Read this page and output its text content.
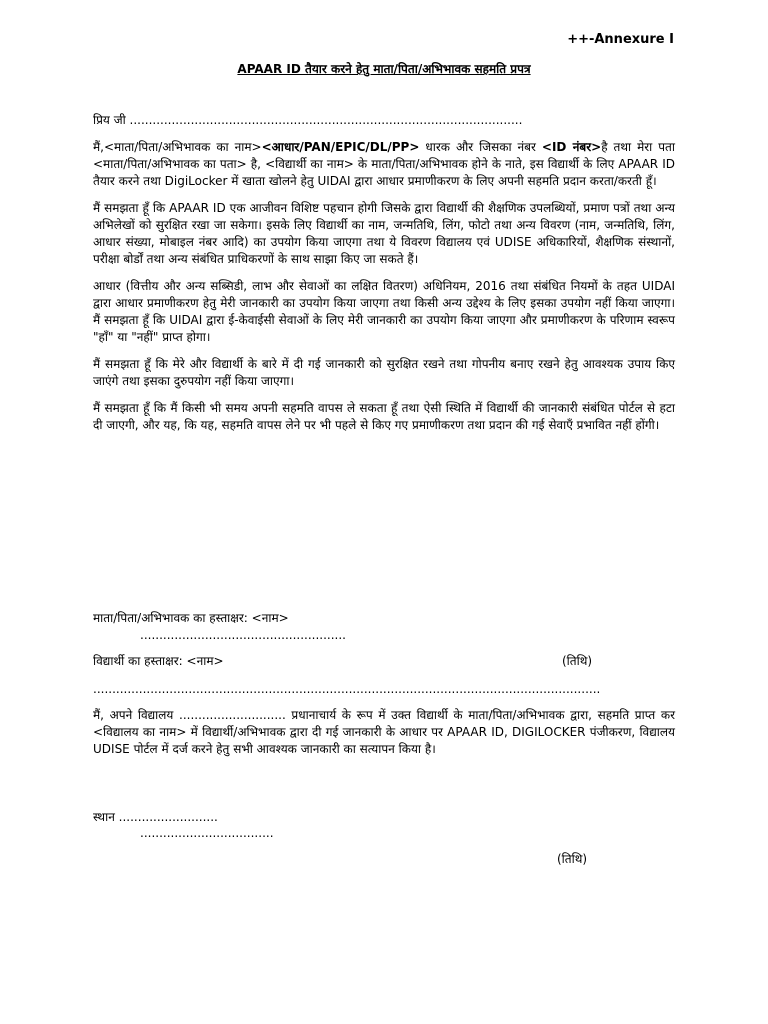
++-Annexure I
APAAR ID तैयार करने हेतु माता/पिता/अभिभावक सहमति प्रपत्र

प्रिय जी .......................................................................................................

मैं,<माता/पिता/अभिभावक का नाम><आधार/PAN/EPIC/DL/PP> धारक और जिसका नंबर <ID नंबर>है तथा मेरा पता <माता/पिता/अभिभावक का पता> है, <विद्यार्थी का नाम> के माता/पिता/अभिभावक होने के नाते, इस विद्यार्थी के लिए APAAR ID तैयार करने तथा DigiLocker में खाता खोलने हेतु UIDAI द्वारा आधार प्रमाणीकरण के लिए अपनी सहमति प्रदान करता/करती हूँ।

मैं समझता हूँ कि APAAR ID एक आजीवन विशिष्ट पहचान होगी जिसके द्वारा विद्यार्थी की शैक्षणिक उपलब्धियों, प्रमाण पत्रों तथा अन्य अभिलेखों को सुरक्षित रखा जा सकेगा। इसके लिए विद्यार्थी का नाम, जन्मतिथि, लिंग, फोटो तथा अन्य विवरण (नाम, जन्मतिथि, लिंग, आधार संख्या, मोबाइल नंबर आदि) का उपयोग किया जाएगा तथा ये विवरण विद्यालय एवं UDISE अधिकारियों, शैक्षणिक संस्थानों, परीक्षा बोर्डों तथा अन्य संबंधित प्राधिकरणों के साथ साझा किए जा सकते हैं।

आधार (वित्तीय और अन्य सब्सिडी, लाभ और सेवाओं का लक्षित वितरण) अधिनियम, 2016 तथा संबंधित नियमों के तहत UIDAI द्वारा आधार प्रमाणीकरण हेतु मेरी जानकारी का उपयोग किया जाएगा तथा किसी अन्य उद्देश्य के लिए इसका उपयोग नहीं किया जाएगा। मैं समझता हूँ कि UIDAI द्वारा ई-केवाईसी सेवाओं के लिए मेरी जानकारी का उपयोग किया जाएगा और प्रमाणीकरण के परिणाम स्वरूप "हाँ" या "नहीं" प्राप्त होगा।

मैं समझता हूँ कि मेरे और विद्यार्थी के बारे में दी गई जानकारी को सुरक्षित रखने तथा गोपनीय बनाए रखने हेतु आवश्यक उपाय किए जाएंगे तथा इसका दुरुपयोग नहीं किया जाएगा।

मैं समझता हूँ कि मैं किसी भी समय अपनी सहमति वापस ले सकता हूँ तथा ऐसी स्थिति में विद्यार्थी की जानकारी संबंधित पोर्टल से हटा दी जाएगी, और यह, कि यह, सहमति वापस लेने पर भी पहले से किए गए प्रमाणीकरण तथा प्रदान की गई सेवाएँ प्रभावित नहीं होंगी।

माता/पिता/अभिभावक का हस्ताक्षर: <नाम>
......................................................
विद्यार्थी का हस्ताक्षर: <नाम>	(तिथि)
.....................................................................................................................................
मैं, अपने विद्यालय ............................ प्रधानाचार्य के रूप में उक्त विद्यार्थी के माता/पिता/अभिभावक द्वारा, सहमति प्राप्त कर <विद्यालय का नाम> में विद्यार्थी/अभिभावक द्वारा दी गई जानकारी के आधार पर APAAR ID, DIGILOCKER पंजीकरण, विद्यालय UDISE पोर्टल में दर्ज करने हेतु सभी आवश्यक जानकारी का सत्यापन किया है।
स्थान ..........................
...................................
(तिथि)
